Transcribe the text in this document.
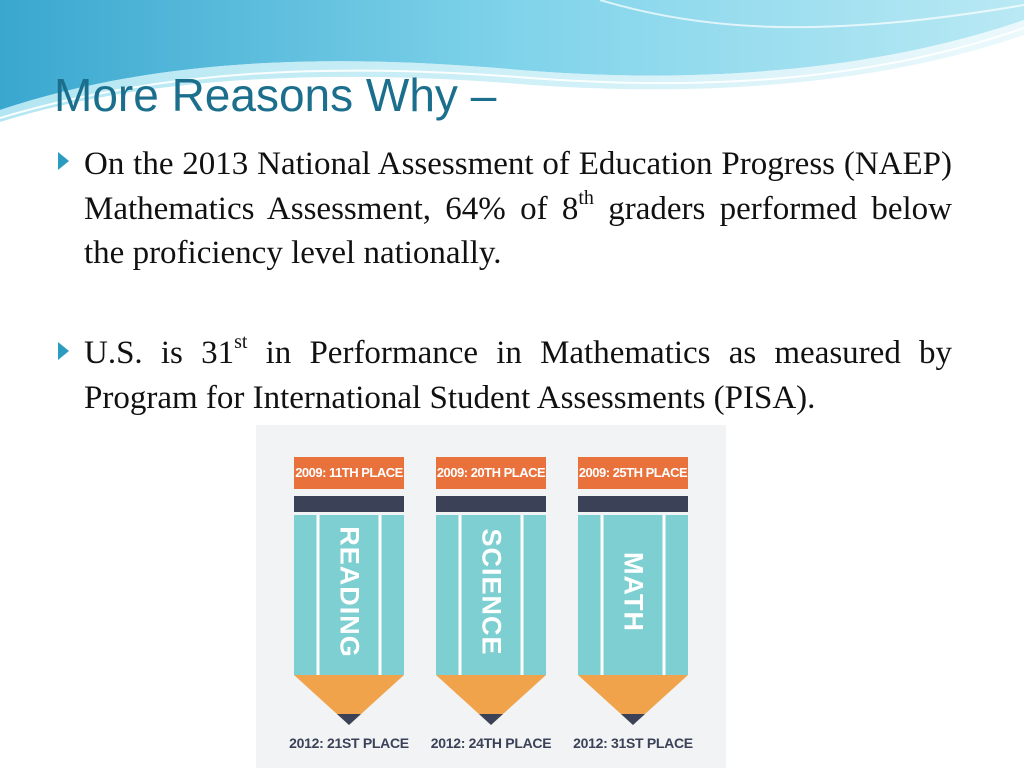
More Reasons Why –
On the 2013 National Assessment of Education Progress (NAEP) Mathematics Assessment, 64% of 8th graders performed below the proficiency level nationally.
U.S. is 31st in Performance in Mathematics as measured by Program for International Student Assessments (PISA).
2009: 11TH PLACE
READING
2012: 21ST PLACE
2009: 20TH PLACE
SCIENCE
2012: 24TH PLACE
2009: 25TH PLACE
MATH
2012: 31ST PLACE
